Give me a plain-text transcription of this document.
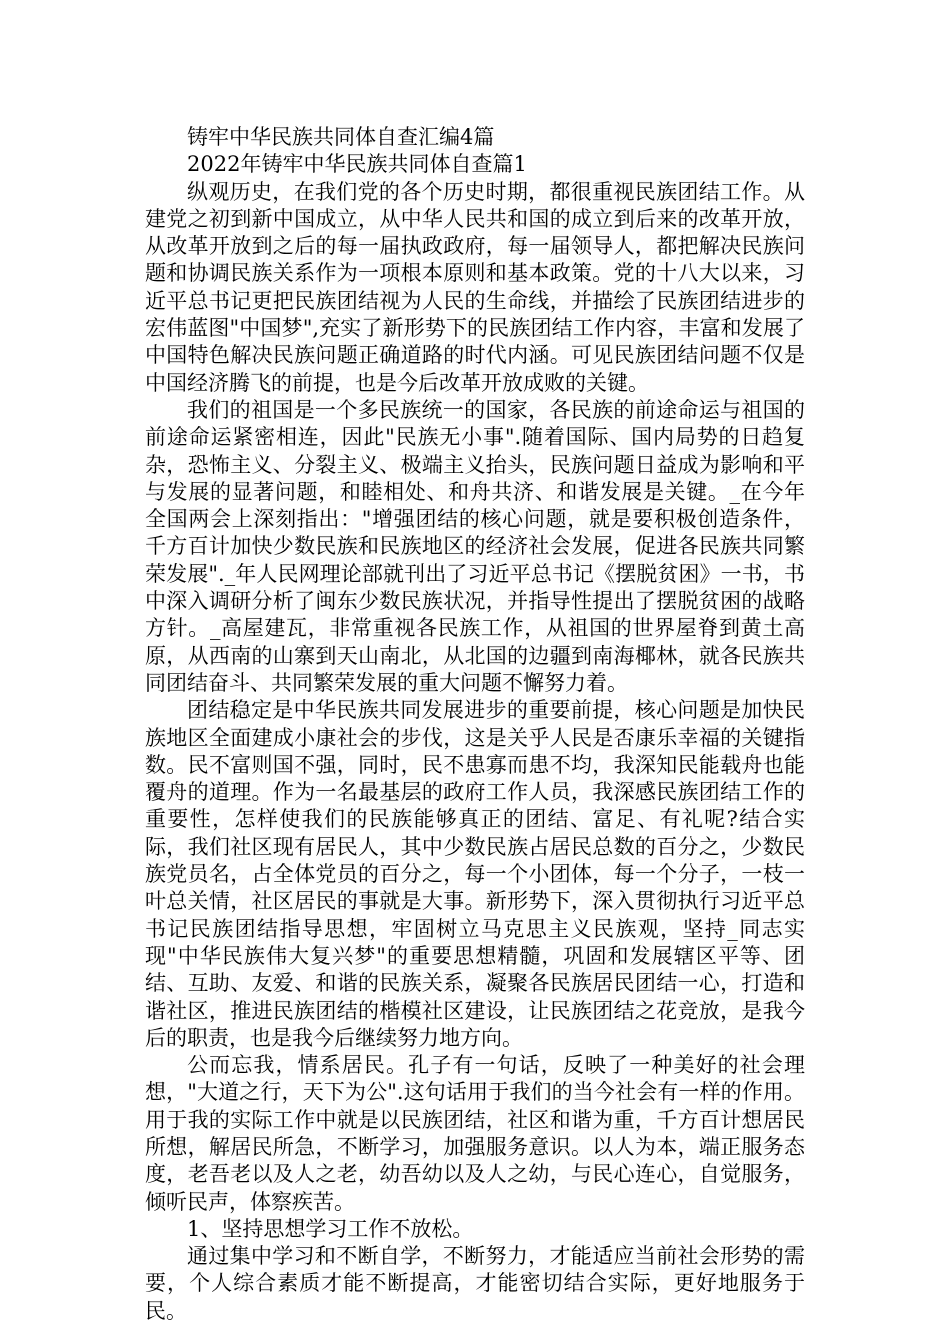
铸牢中华民族共同体自查汇编4篇

2022年铸牢中华民族共同体自查篇1

纵观历史，在我们党的各个历史时期，都很重视民族团结工作。从建党之初到新中国成立，从中华人民共和国的成立到后来的改革开放，从改革开放到之后的每一届执政政府，每一届领导人，都把解决民族问题和协调民族关系作为一项根本原则和基本政策。党的十八大以来，习近平总书记更把民族团结视为人民的生命线，并描绘了民族团结进步的宏伟蓝图"中国梦",充实了新形势下的民族团结工作内容，丰富和发展了中国特色解决民族问题正确道路的时代内涵。可见民族团结问题不仅是中国经济腾飞的前提，也是今后改革开放成败的关键。

我们的祖国是一个多民族统一的国家，各民族的前途命运与祖国的前途命运紧密相连，因此"民族无小事".随着国际、国内局势的日趋复杂，恐怖主义、分裂主义、极端主义抬头，民族问题日益成为影响和平与发展的显著问题，和睦相处、和舟共济、和谐发展是关键。_在今年全国两会上深刻指出："增强团结的核心问题，就是要积极创造条件，千方百计加快少数民族和民族地区的经济社会发展，促进各民族共同繁荣发展"._年人民网理论部就刊出了习近平总书记《摆脱贫困》一书，书中深入调研分析了闽东少数民族状况，并指导性提出了摆脱贫困的战略方针。_高屋建瓦，非常重视各民族工作，从祖国的世界屋脊到黄土高原，从西南的山寨到天山南北，从北国的边疆到南海椰林，就各民族共同团结奋斗、共同繁荣发展的重大问题不懈努力着。

团结稳定是中华民族共同发展进步的重要前提，核心问题是加快民族地区全面建成小康社会的步伐，这是关乎人民是否康乐幸福的关键指数。民不富则国不强，同时，民不患寡而患不均，我深知民能载舟也能覆舟的道理。作为一名最基层的政府工作人员，我深感民族团结工作的重要性，怎样使我们的民族能够真正的团结、富足、有礼呢?结合实际，我们社区现有居民人，其中少数民族占居民总数的百分之，少数民族党员名，占全体党员的百分之，每一个小团体，每一个分子，一枝一叶总关情，社区居民的事就是大事。新形势下，深入贯彻执行习近平总书记民族团结指导思想，牢固树立马克思主义民族观，坚持_同志实现"中华民族伟大复兴梦"的重要思想精髓，巩固和发展辖区平等、团结、互助、友爱、和谐的民族关系，凝聚各民族居民团结一心，打造和谐社区，推进民族团结的楷模社区建设，让民族团结之花竞放，是我今后的职责，也是我今后继续努力地方向。

公而忘我，情系居民。孔子有一句话，反映了一种美好的社会理想，"大道之行，天下为公".这句话用于我们的当今社会有一样的作用。用于我的实际工作中就是以民族团结，社区和谐为重，千方百计想居民所想，解居民所急，不断学习，加强服务意识。以人为本，端正服务态度，老吾老以及人之老，幼吾幼以及人之幼，与民心连心，自觉服务，倾听民声，体察疾苦。

1、坚持思想学习工作不放松。

通过集中学习和不断自学，不断努力，才能适应当前社会形势的需要，个人综合素质才能不断提高，才能密切结合实际，更好地服务于民。
